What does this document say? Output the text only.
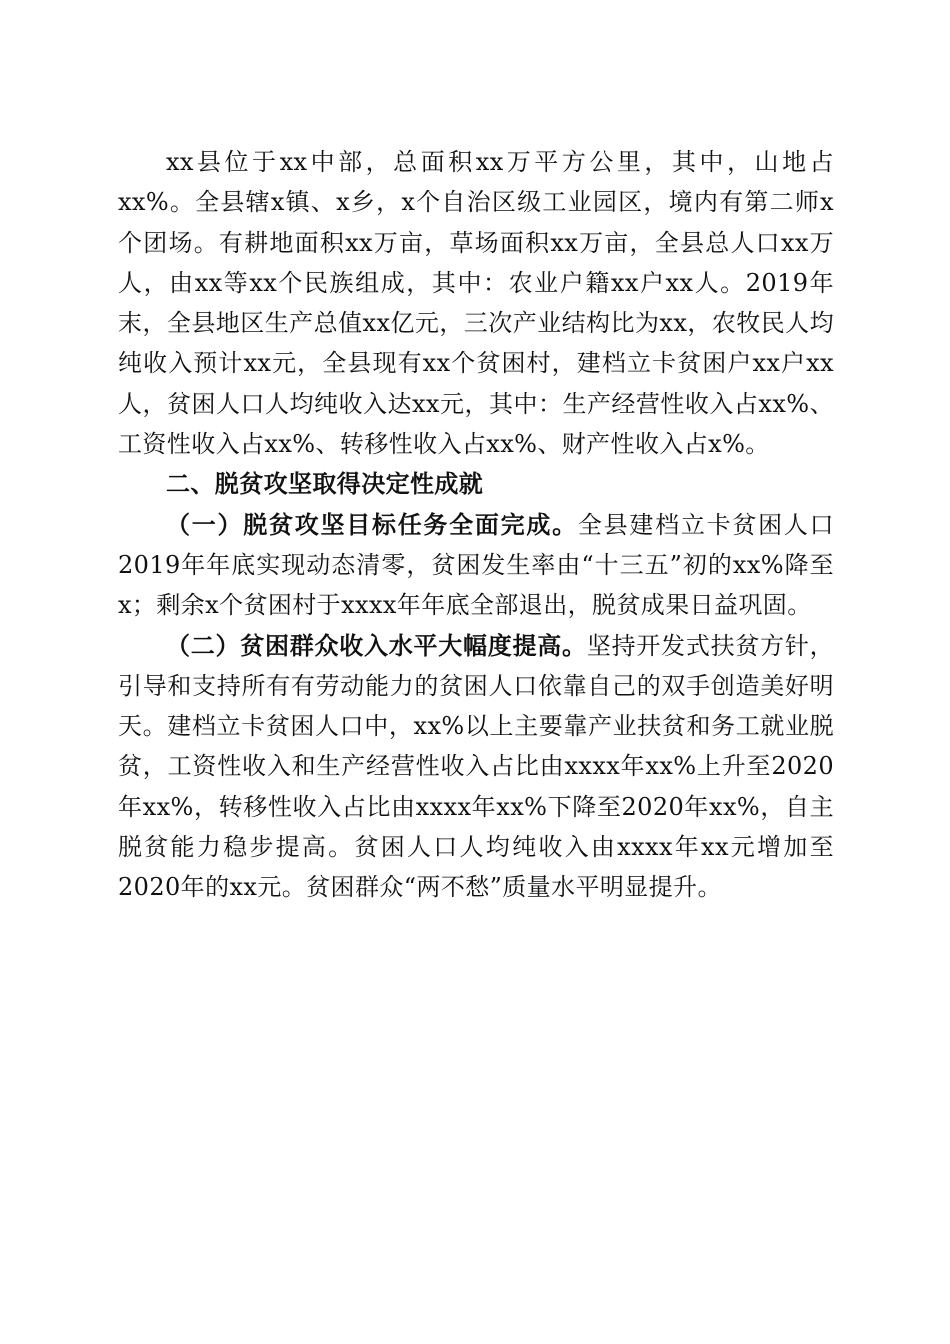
xx县位于xx中部，总面积xx万平方公里，其中，山地占xx%。全县辖x镇、x乡，x个自治区级工业园区，境内有第二师x个团场。有耕地面积xx万亩，草场面积xx万亩，全县总人口xx万人，由xx等xx个民族组成，其中：农业户籍xx户xx人。2019年末，全县地区生产总值xx亿元，三次产业结构比为xx，农牧民人均纯收入预计xx元，全县现有xx个贫困村，建档立卡贫困户xx户xx人，贫困人口人均纯收入达xx元，其中：生产经营性收入占xx%、工资性收入占xx%、转移性收入占xx%、财产性收入占x%。

二、脱贫攻坚取得决定性成就

（一）脱贫攻坚目标任务全面完成。全县建档立卡贫困人口2019年年底实现动态清零，贫困发生率由“十三五”初的xx%降至x；剩余x个贫困村于xxxx年年底全部退出，脱贫成果日益巩固。

（二）贫困群众收入水平大幅度提高。坚持开发式扶贫方针，引导和支持所有有劳动能力的贫困人口依靠自己的双手创造美好明天。建档立卡贫困人口中，xx%以上主要靠产业扶贫和务工就业脱贫，工资性收入和生产经营性收入占比由xxxx年xx%上升至2020年xx%，转移性收入占比由xxxx年xx%下降至2020年xx%，自主脱贫能力稳步提高。贫困人口人均纯收入由xxxx年xx元增加至2020年的xx元。贫困群众“两不愁”质量水平明显提升。
